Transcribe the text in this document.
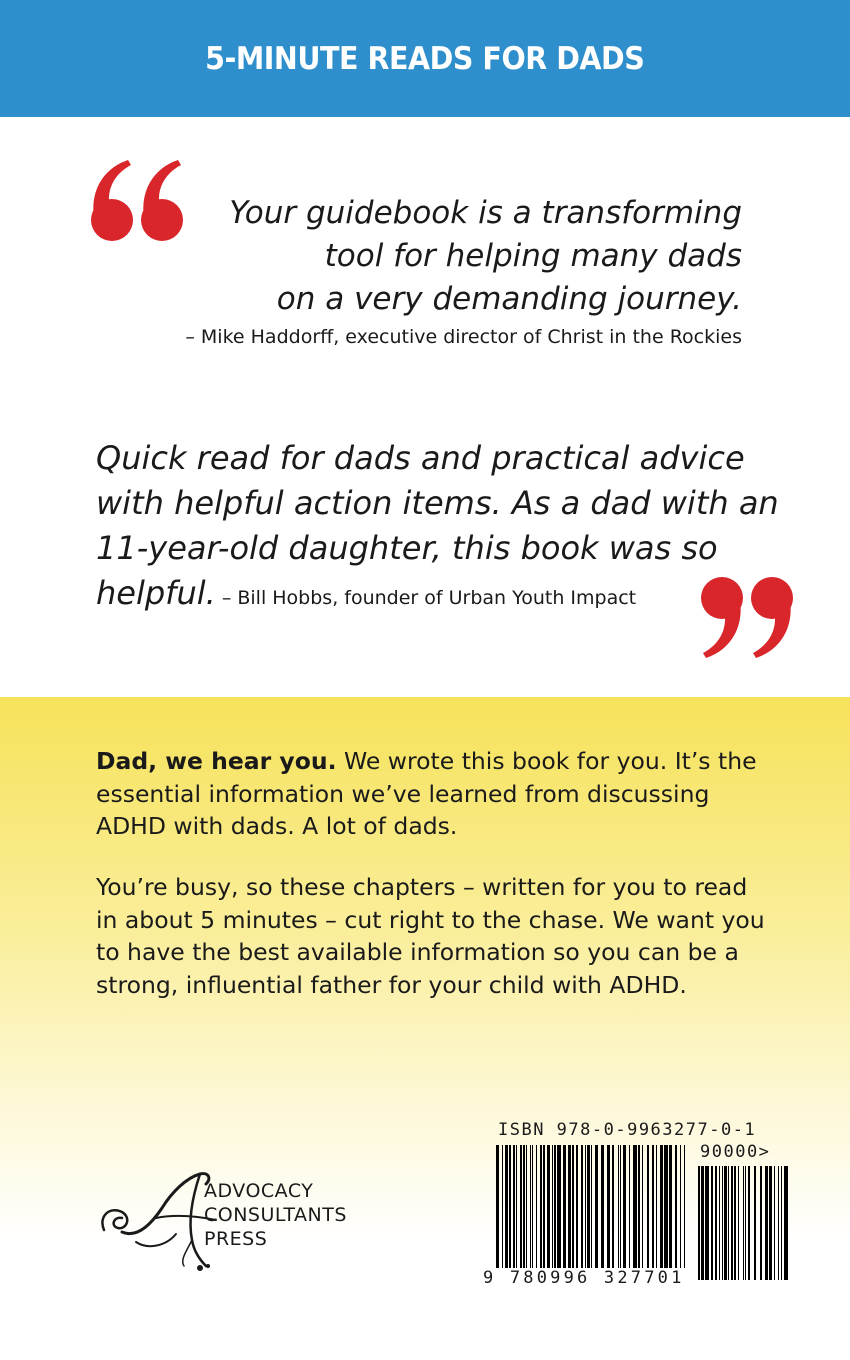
5-MINUTE READS FOR DADS
Your guidebook is a transforming
tool for helping many dads
on a very demanding journey.
– Mike Haddorff, executive director of Christ in the Rockies
Quick read for dads and practical advice
with helpful action items. As a dad with an
11-year-old daughter, this book was so
helpful. – Bill Hobbs, founder of Urban Youth Impact
Dad, we hear you. We wrote this book for you. It’s the
essential information we’ve learned from discussing
ADHD with dads. A lot of dads.
You’re busy, so these chapters – written for you to read
in about 5 minutes – cut right to the chase. We want you
to have the best available information so you can be a
strong, influential father for your child with ADHD.
ADVOCACY
CONSULTANTS
PRESS
ISBN 978-0-9963277-0-1
90000>
9 780996 327701
